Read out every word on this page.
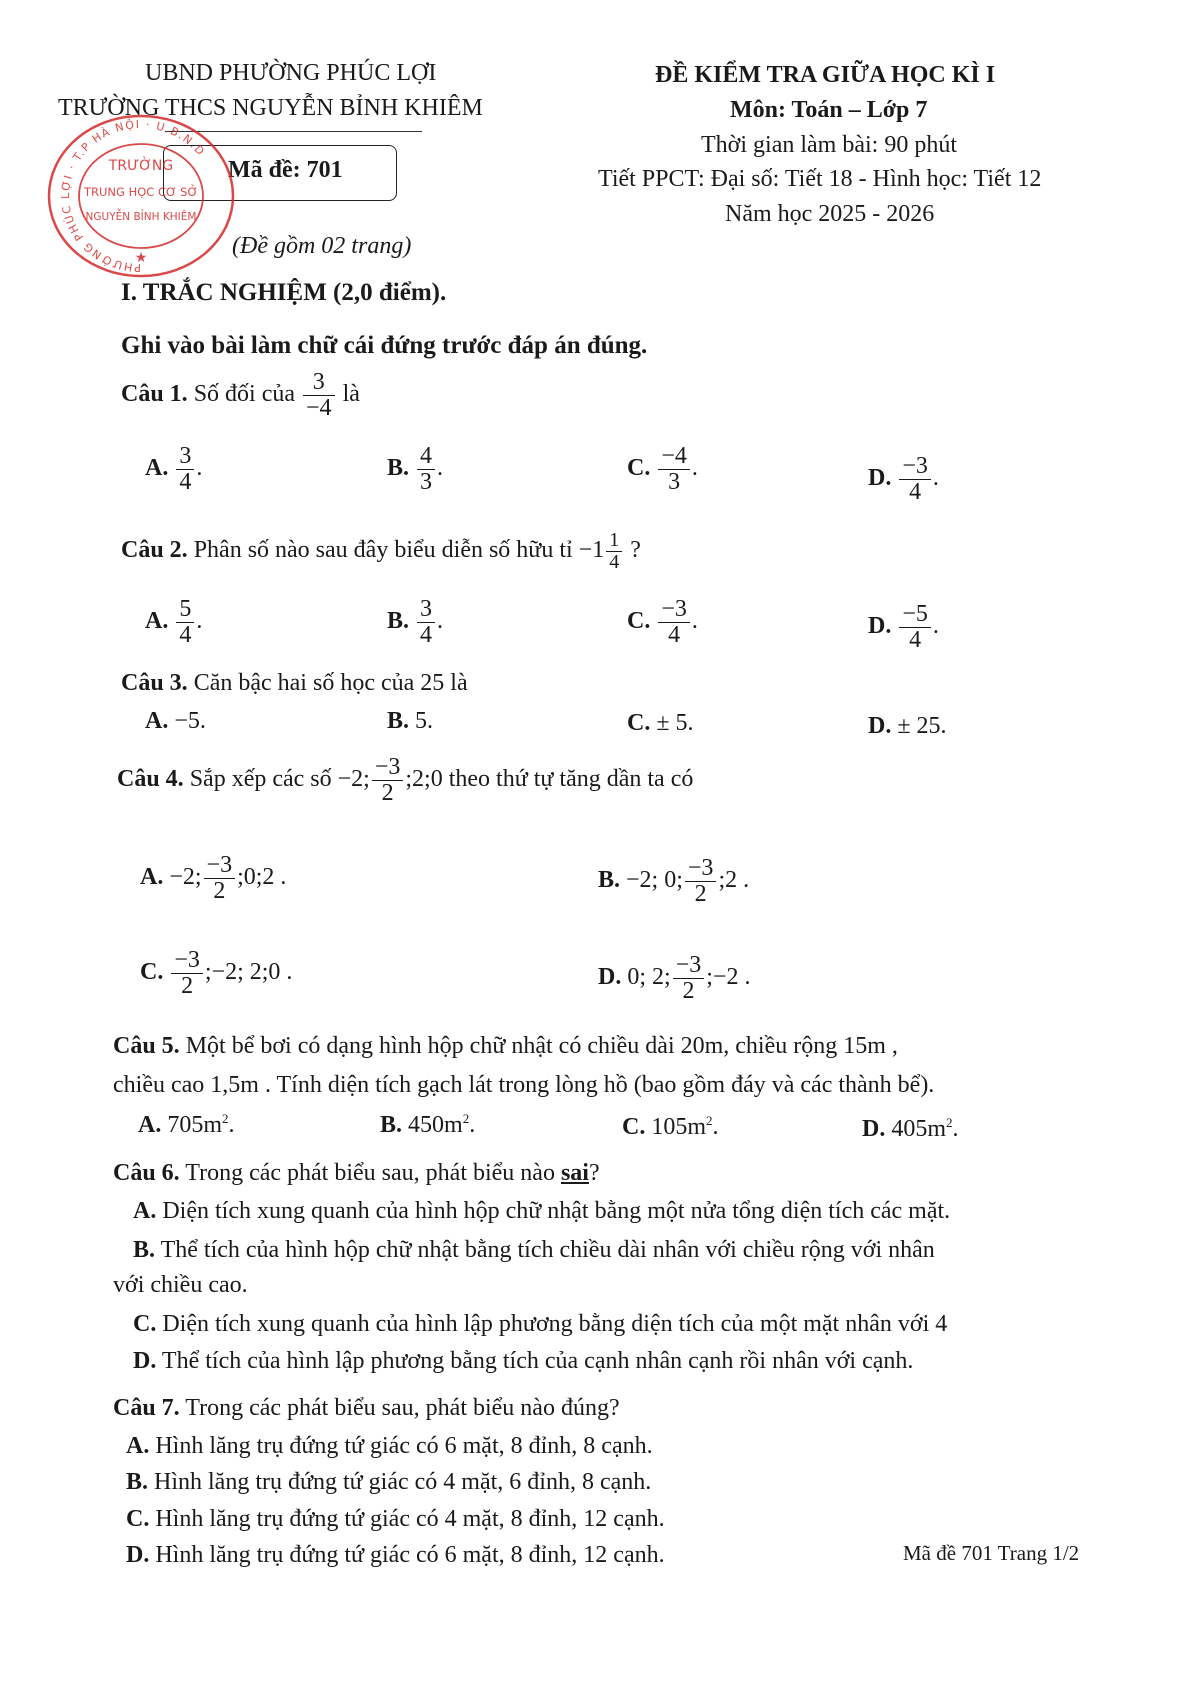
UBND PHƯỜNG PHÚC LỢI
TRƯỜNG THCS NGUYỄN BỈNH KHIÊM
Mã đề: 701
(Đề gồm 02 trang)
PHƯỜNG PHÚC LỢI · T.P HÀ NỘI · U.B.N.D
TRƯỜNG
TRUNG HỌC CƠ SỞ
NGUYỄN BỈNH KHIÊM
★
ĐỀ KIỂM TRA GIỮA HỌC KÌ I
Môn: Toán – Lớp 7
Thời gian làm bài: 90 phút
Tiết PPCT: Đại số: Tiết 18 - Hình học: Tiết 12
Năm học 2025 - 2026
I. TRẮC NGHIỆM (2,0 điểm).
Ghi vào bài làm chữ cái đứng trước đáp án đúng.
Câu 1. Số đối của $\frac{3}{-4}$ là
A. $\frac{3}{4}$ .	B. $\frac{4}{3}$ .	C. $\frac{-4}{3}$ .	D. $\frac{-3}{4}$ .
Câu 2. Phân số nào sau đây biểu diễn số hữu tỉ $-1 \frac{1}{4}$ ?
A. $\frac{5}{4}$ .	B. $\frac{3}{4}$ .	C. $\frac{-3}{4}$ .	D. $\frac{-5}{4}$ .
Câu 3. Căn bậc hai số học của 25 là
A. −5.	B. 5.	C. ± 5.	D. ± 25.
Câu 4. Sắp xếp các số −2; $\frac{-3}{2}$ ;2;0 theo thứ tự tăng dần ta có
A. −2; $\frac{-3}{2}$ ;0;2 .	B. −2; 0; $\frac{-3}{2}$ ;2 .
C. $\frac{-3}{2}$ ;−2; 2;0 .	D. 0; 2; $\frac{-3}{2}$ ;−2 .
Câu 5. Một bể bơi có dạng hình hộp chữ nhật có chiều dài 20m, chiều rộng 15m ,
chiều cao 1,5m . Tính diện tích gạch lát trong lòng hồ (bao gồm đáy và các thành bể).
A. $705m^2$.	B. $450m^2$.	C. $105m^2$.	D. $405m^2$.
Câu 6. Trong các phát biểu sau, phát biểu nào sai?
A. Diện tích xung quanh của hình hộp chữ nhật bằng một nửa tổng diện tích các mặt.
B. Thể tích của hình hộp chữ nhật bằng tích chiều dài nhân với chiều rộng với nhân
với chiều cao.
C. Diện tích xung quanh của hình lập phương bằng diện tích của một mặt nhân với 4
D. Thể tích của hình lập phương bằng tích của cạnh nhân cạnh rồi nhân với cạnh.
Câu 7. Trong các phát biểu sau, phát biểu nào đúng?
A. Hình lăng trụ đứng tứ giác có 6 mặt, 8 đỉnh, 8 cạnh.
B. Hình lăng trụ đứng tứ giác có 4 mặt, 6 đỉnh, 8 cạnh.
C. Hình lăng trụ đứng tứ giác có 4 mặt, 8 đỉnh, 12 cạnh.
D. Hình lăng trụ đứng tứ giác có 6 mặt, 8 đỉnh, 12 cạnh.	Mã đề 701 Trang 1/2
